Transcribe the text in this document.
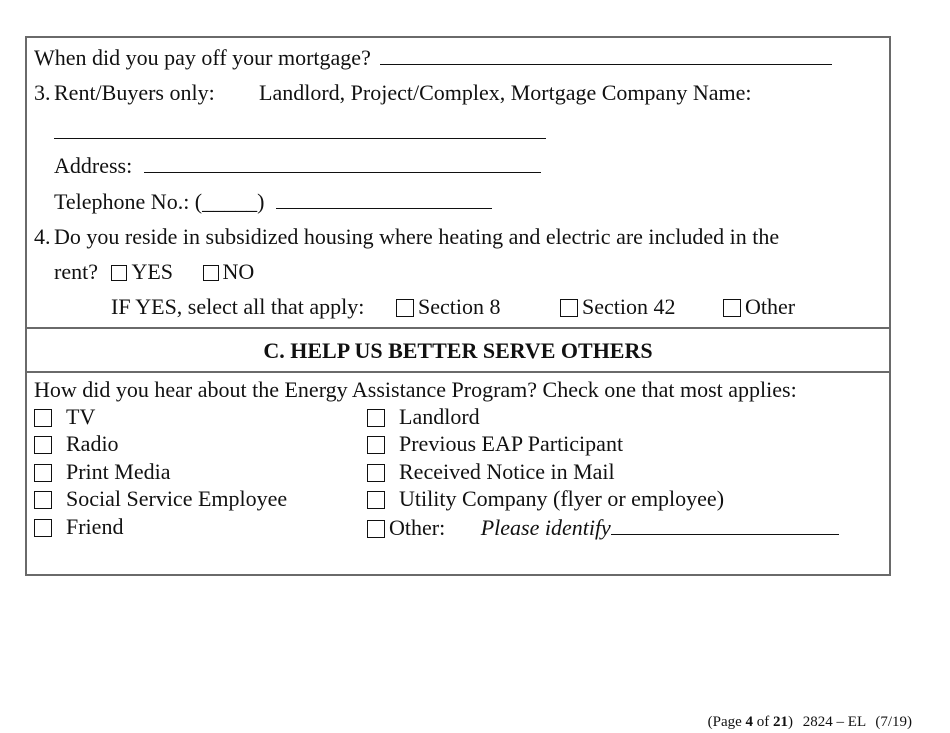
When did you pay off your mortgage?
3. Rent/Buyers only: Landlord, Project/Complex, Mortgage Company Name:
Address:
Telephone No.: (_____)
4. Do you reside in subsidized housing where heating and electric are included in the
rent? YES NO
IF YES, select all that apply:	Section 8	Section 42	Other
C. HELP US BETTER SERVE OTHERS
How did you hear about the Energy Assistance Program? Check one that most applies:
TV
Radio
Print Media
Social Service Employee
Friend
Landlord
Previous EAP Participant
Received Notice in Mail
Utility Company (flyer or employee)
Other: Please identify
(Page 4 of 21) 2824 – EL (7/19)
